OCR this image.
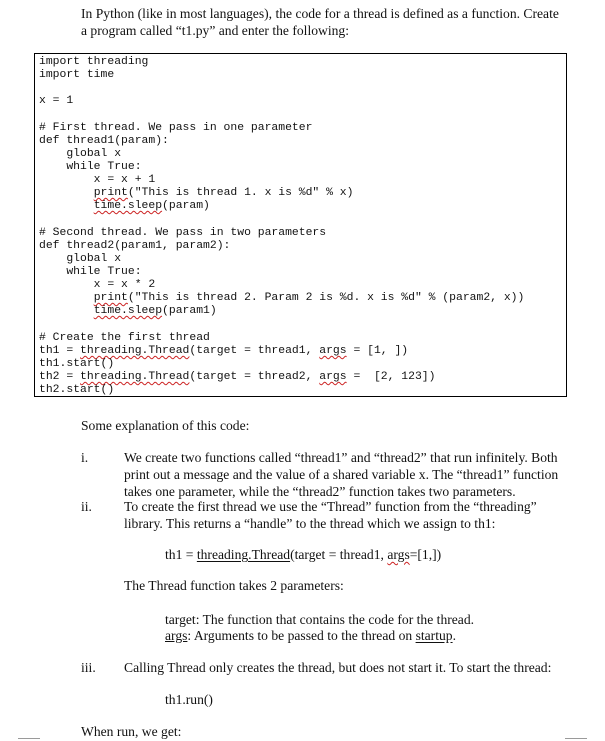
In Python (like in most languages), the code for a thread is defined as a function. Create
a program called “t1.py” and enter the following:
import threading
import time
x = 1
# First thread. We pass in one parameter
def thread1(param):
global x
while True:
x = x + 1
print("This is thread 1. x is %d" % x)
time.sleep(param)
# Second thread. We pass in two parameters
def thread2(param1, param2):
global x
while True:
x = x * 2
print("This is thread 2. Param 2 is %d. x is %d" % (param2, x))
time.sleep(param1)
# Create the first thread
th1 = threading.Thread(target = thread1, args = [1, ])
th1.start()
th2 = threading.Thread(target = thread2, args =  [2, 123])
th2.start()
Some explanation of this code:
i.	We create two functions called “thread1” and “thread2” that run infinitely. Both
print out a message and the value of a shared variable x. The “thread1” function
takes one parameter, while the “thread2” function takes two parameters.
ii. To create the first thread we use the “Thread” function from the “threading”
library. This returns a “handle” to the thread which we assign to th1:
th1 = threading.Thread(target = thread1, args=[1,])
The Thread function takes 2 parameters:
target: The function that contains the code for the thread.
args: Arguments to be passed to the thread on startup.
iii. Calling Thread only creates the thread, but does not start it. To start the thread:
th1.run()
When run, we get:
